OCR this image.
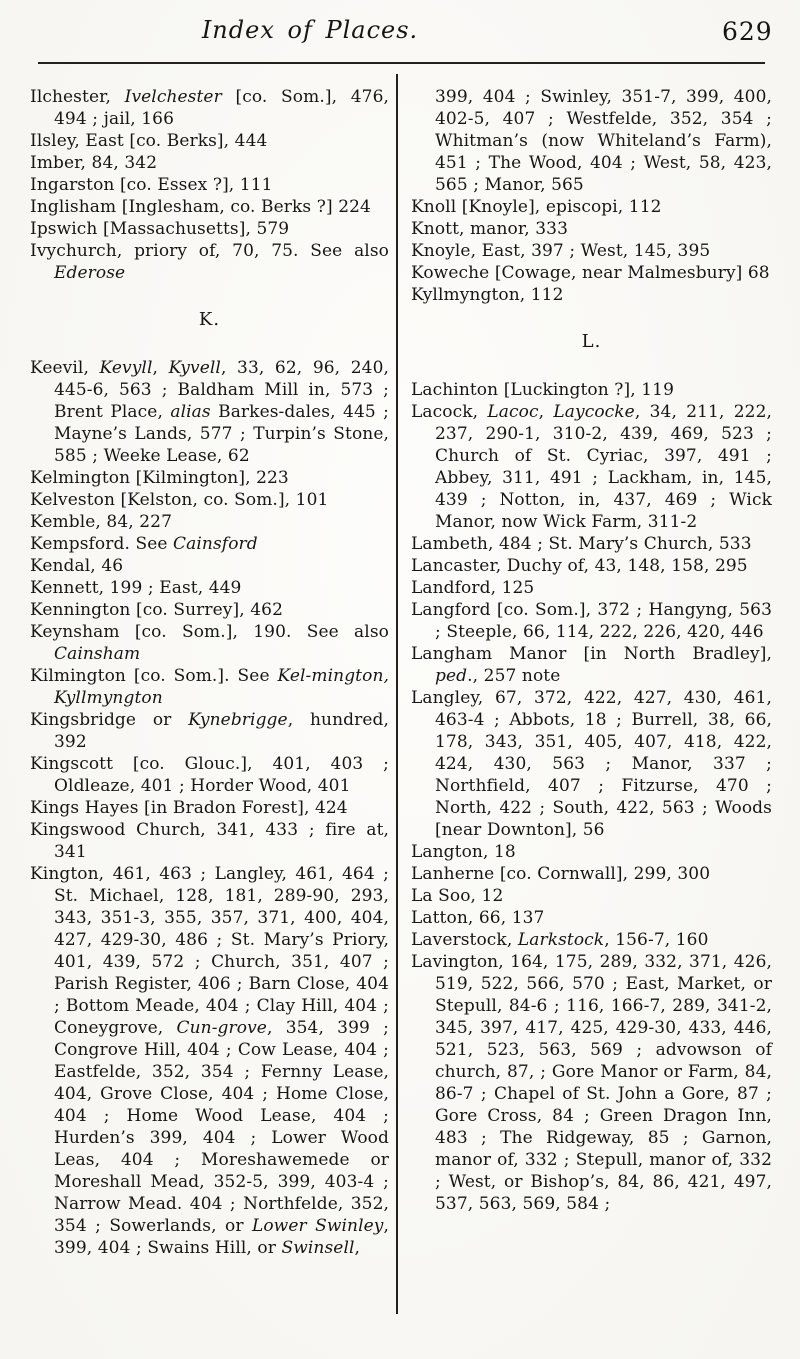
Index of Places.	629

Ilchester, Ivelchester [co. Som.], 476, 494 ; jail, 166

Ilsley, East [co. Berks], 444

Imber, 84, 342

Ingarston [co. Essex ?], 111

Inglisham [Inglesham, co. Berks ?] 224

Ipswich [Massachusetts], 579

Ivychurch, priory of, 70, 75. See also Ederose

K.

Keevil, Kevyll, Kyvell, 33, 62, 96, 240, 445-6, 563 ; Baldham Mill in, 573 ; Brent Place, alias Barkes-dales, 445 ; Mayne’s Lands, 577 ; Turpin’s Stone, 585 ; Weeke Lease, 62

Kelmington [Kilmington], 223

Kelveston [Kelston, co. Som.], 101

Kemble, 84, 227

Kempsford. See Cainsford

Kendal, 46

Kennett, 199 ; East, 449

Kennington [co. Surrey], 462

Keynsham [co. Som.], 190. See also Cainsham

Kilmington [co. Som.]. See Kel-mington, Kyllmyngton

Kingsbridge or Kynebrigge, hundred, 392

Kingscott [co. Glouc.], 401, 403 ; Oldleaze, 401 ; Horder Wood, 401

Kings Hayes [in Bradon Forest], 424

Kingswood Church, 341, 433 ; fire at, 341

Kington, 461, 463 ; Langley, 461, 464 ; St. Michael, 128, 181, 289-90, 293, 343, 351-3, 355, 357, 371, 400, 404, 427, 429-30, 486 ; St. Mary’s Priory, 401, 439, 572 ; Church, 351, 407 ; Parish Register, 406 ; Barn Close, 404 ; Bottom Meade, 404 ; Clay Hill, 404 ; Coneygrove, Cun-grove, 354, 399 ; Congrove Hill, 404 ; Cow Lease, 404 ; Eastfelde, 352, 354 ; Fernny Lease, 404, Grove Close, 404 ; Home Close, 404 ; Home Wood Lease, 404 ; Hurden’s 399, 404 ; Lower Wood Leas, 404 ; Moreshawemede or Moreshall Mead, 352-5, 399, 403-4 ; Narrow Mead. 404 ; Northfelde, 352, 354 ; Sowerlands, or Lower Swinley, 399, 404 ; Swains Hill, or Swinsell,

399, 404 ; Swinley, 351-7, 399, 400, 402-5, 407 ; Westfelde, 352, 354 ; Whitman’s (now Whiteland’s Farm), 451 ; The Wood, 404 ; West, 58, 423, 565 ; Manor, 565

Knoll [Knoyle], episcopi, 112

Knott, manor, 333

Knoyle, East, 397 ; West, 145, 395

Koweche [Cowage, near Malmesbury] 68

Kyllmyngton, 112

L.

Lachinton [Luckington ?], 119

Lacock, Lacoc, Laycocke, 34, 211, 222, 237, 290-1, 310-2, 439, 469, 523 ; Church of St. Cyriac, 397, 491 ; Abbey, 311, 491 ; Lackham, in, 145, 439 ; Notton, in, 437, 469 ; Wick Manor, now Wick Farm, 311-2

Lambeth, 484 ; St. Mary’s Church, 533

Lancaster, Duchy of, 43, 148, 158, 295

Landford, 125

Langford [co. Som.], 372 ; Hangyng, 563 ; Steeple, 66, 114, 222, 226, 420, 446

Langham Manor [in North Bradley], ped., 257 note

Langley, 67, 372, 422, 427, 430, 461, 463-4 ; Abbots, 18 ; Burrell, 38, 66, 178, 343, 351, 405, 407, 418, 422, 424, 430, 563 ; Manor, 337 ; Northfield, 407 ; Fitzurse, 470 ; North, 422 ; South, 422, 563 ; Woods [near Downton], 56

Langton, 18

Lanherne [co. Cornwall], 299, 300

La Soo, 12

Latton, 66, 137

Laverstock, Larkstock, 156-7, 160

Lavington, 164, 175, 289, 332, 371, 426, 519, 522, 566, 570 ; East, Market, or Stepull, 84-6 ; 116, 166-7, 289, 341-2, 345, 397, 417, 425, 429-30, 433, 446, 521, 523, 563, 569 ; advowson of church, 87, ; Gore Manor or Farm, 84, 86-7 ; Chapel of St. John a Gore, 87 ; Gore Cross, 84 ; Green Dragon Inn, 483 ; The Ridgeway, 85 ; Garnon, manor of, 332 ; Stepull, manor of, 332 ; West, or Bishop’s, 84, 86, 421, 497, 537, 563, 569, 584 ;
